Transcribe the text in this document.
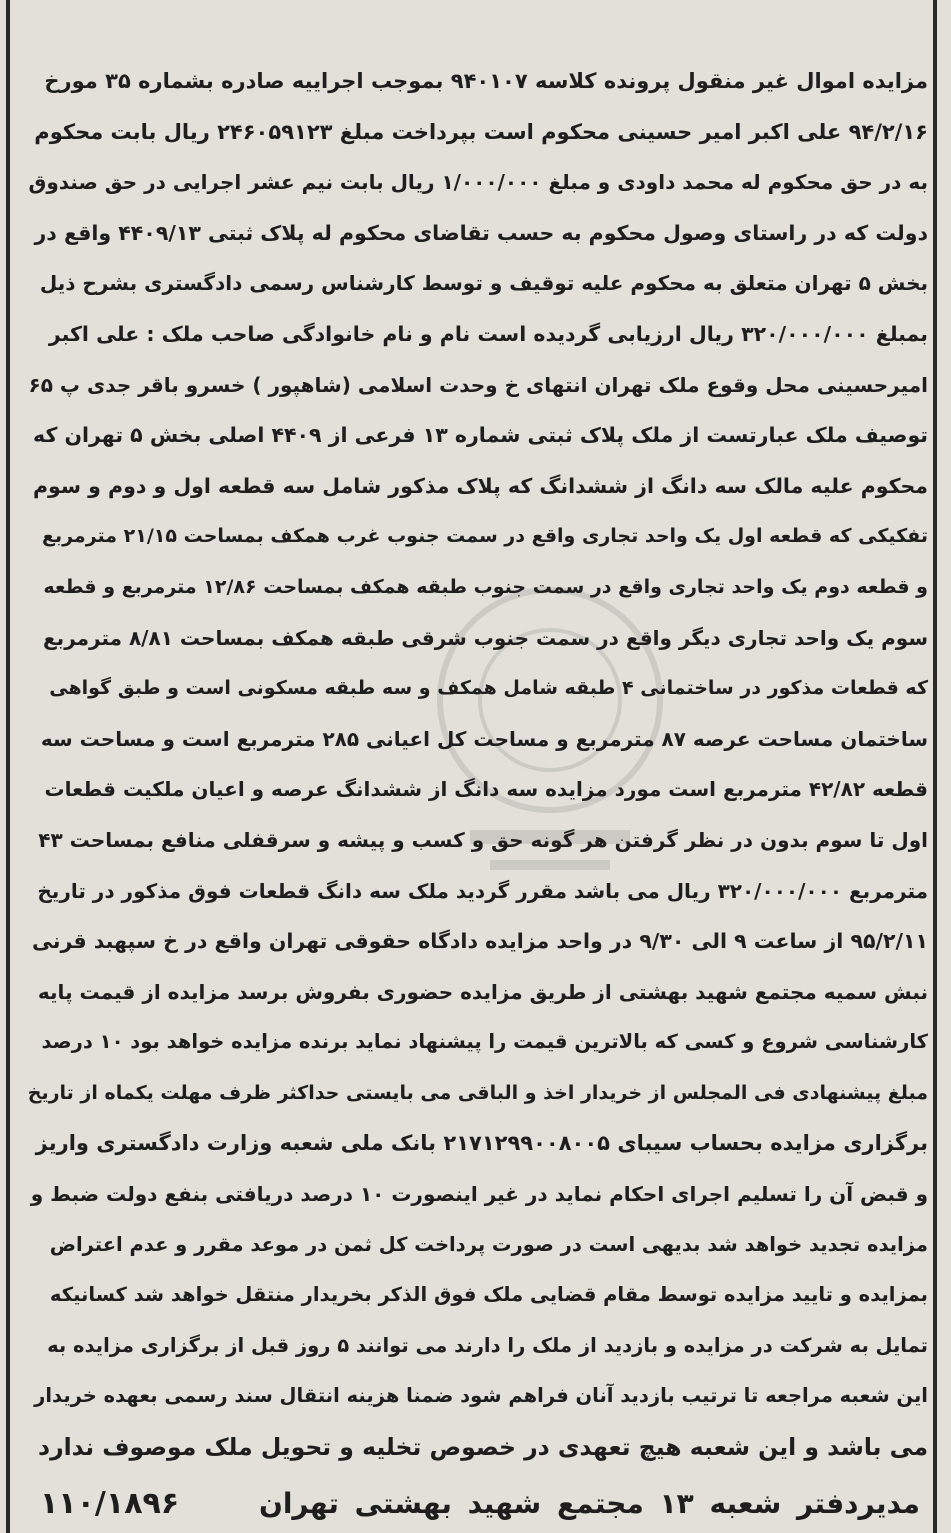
مزایده اموال غیر منقول پرونده کلاسه ۹۴۰۱۰۷ بموجب اجراییه صادره بشماره ۳۵ مورخ
۹۴/۲/۱۶ علی اکبر امیر حسینی محکوم است بپرداخت مبلغ ۲۴۶۰۵۹۱۲۳ ریال بابت محکوم
به در حق محکوم له محمد داودی و مبلغ ۱/۰۰۰/۰۰۰ ریال بابت نیم عشر اجرایی در حق صندوق
دولت که در راستای وصول محکوم به حسب تقاضای محکوم له پلاک ثبتی ۴۴۰۹/۱۳ واقع در
بخش ۵ تهران متعلق به محکوم علیه توقیف و توسط کارشناس رسمی دادگستری بشرح ذیل
بمبلغ ۳۲۰/۰۰۰/۰۰۰ ریال ارزیابی گردیده است نام و نام خانوادگی صاحب ملک : علی اکبر
امیرحسینی محل وقوع ملک تهران انتهای خ وحدت اسلامی (شاهپور ) خسرو باقر جدی پ ۶۵
توصیف ملک عبارتست از ملک پلاک ثبتی شماره ۱۳ فرعی از ۴۴۰۹ اصلی بخش ۵ تهران که
محکوم علیه مالک سه دانگ از ششدانگ که پلاک مذکور شامل سه قطعه اول و دوم و سوم
تفکیکی که قطعه اول یک واحد تجاری واقع در سمت جنوب غرب همکف بمساحت ۲۱/۱۵ مترمربع
و قطعه دوم یک واحد تجاری واقع در سمت جنوب طبقه همکف بمساحت ۱۲/۸۶ مترمربع و قطعه
سوم یک واحد تجاری دیگر واقع در سمت جنوب شرقی طبقه همکف بمساحت ۸/۸۱ مترمربع
که قطعات مذکور در ساختمانی ۴ طبقه شامل همکف و سه طبقه مسکونی است و طبق گواهی
ساختمان مساحت عرصه ۸۷ مترمربع و مساحت کل اعیانی ۲۸۵ مترمربع است و مساحت سه
قطعه ۴۲/۸۲ مترمربع است مورد مزایده سه دانگ از ششدانگ عرصه و اعیان ملکیت قطعات
اول تا سوم بدون در نظر گرفتن هر گونه حق و کسب و پیشه و سرقفلی منافع بمساحت ۴۳
مترمربع ۳۲۰/۰۰۰/۰۰۰ ریال می باشد مقرر گردید ملک سه دانگ قطعات فوق مذکور در تاریخ
۹۵/۲/۱۱ از ساعت ۹ الی ۹/۳۰ در واحد مزایده دادگاه حقوقی تهران واقع در خ سپهبد قرنی
نبش سمیه مجتمع شهید بهشتی از طریق مزایده حضوری بفروش برسد مزایده از قیمت پایه
کارشناسی شروع و کسی که بالاترین قیمت را پیشنهاد نماید برنده مزایده خواهد بود ۱۰ درصد
مبلغ پیشنهادی فی المجلس از خریدار اخذ و الباقی می بایستی حداکثر ظرف مهلت یکماه از تاریخ
برگزاری مزایده بحساب سیبای ۲۱۷۱۲۹۹۰۰۸۰۰۵ بانک ملی شعبه وزارت دادگستری واریز
و قبض آن را تسلیم اجرای احکام نماید در غیر اینصورت ۱۰ درصد دریافتی بنفع دولت ضبط و
مزایده تجدید خواهد شد بدیهی است در صورت پرداخت کل ثمن در موعد مقرر و عدم اعتراض
بمزایده و تایید مزایده توسط مقام قضایی ملک فوق الذکر بخریدار منتقل خواهد شد کسانیکه
تمایل به شرکت در مزایده و بازدید از ملک را دارند می توانند ۵ روز قبل از برگزاری مزایده به
این شعبه مراجعه تا ترتیب بازدید آنان فراهم شود ضمنا هزینه انتقال سند رسمی بعهده خریدار
می باشد و این شعبه هیچ تعهدی در خصوص تخلیه و تحویل ملک موصوف ندارد
مدیردفتر شعبه ۱۳ مجتمع شهید بهشتی تهران
۱۱۰/۱۸۹۶
